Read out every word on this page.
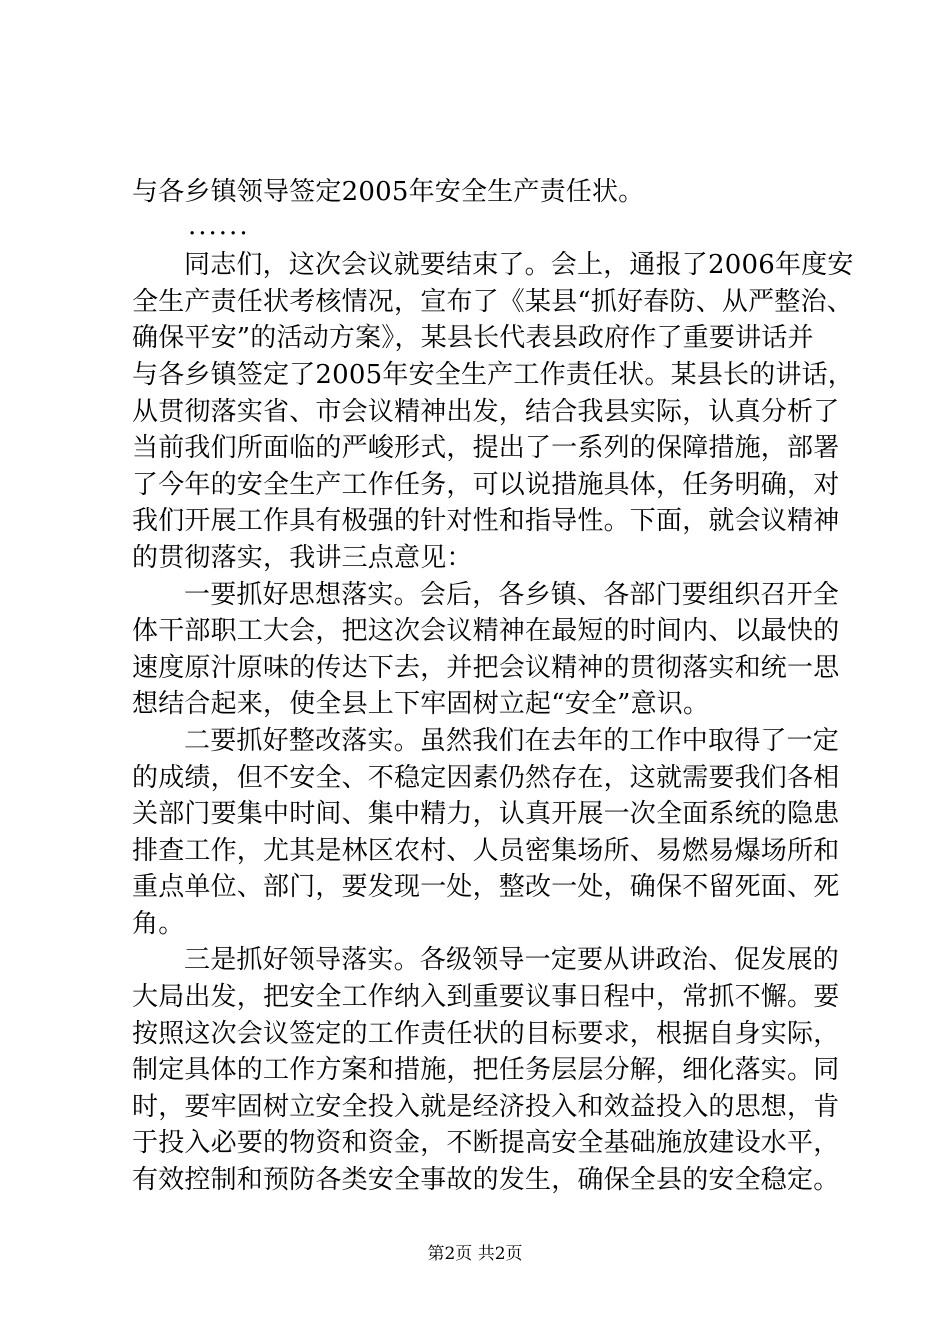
与各乡镇领导签定2005年安全生产责任状。
......
同志们，这次会议就要结束了。会上，通报了2006年度安
全生产责任状考核情况，宣布了《某县“抓好春防、从严整治、
确保平安”的活动方案》，某县长代表县政府作了重要讲话并
与各乡镇签定了2005年安全生产工作责任状。某县长的讲话，
从贯彻落实省、市会议精神出发，结合我县实际，认真分析了
当前我们所面临的严峻形式，提出了一系列的保障措施，部署
了今年的安全生产工作任务，可以说措施具体，任务明确，对
我们开展工作具有极强的针对性和指导性。下面，就会议精神
的贯彻落实，我讲三点意见：
一要抓好思想落实。会后，各乡镇、各部门要组织召开全
体干部职工大会，把这次会议精神在最短的时间内、以最快的
速度原汁原味的传达下去，并把会议精神的贯彻落实和统一思
想结合起来，使全县上下牢固树立起“安全”意识。
二要抓好整改落实。虽然我们在去年的工作中取得了一定
的成绩，但不安全、不稳定因素仍然存在，这就需要我们各相
关部门要集中时间、集中精力，认真开展一次全面系统的隐患
排查工作，尤其是林区农村、人员密集场所、易燃易爆场所和
重点单位、部门，要发现一处，整改一处，确保不留死面、死
角。
三是抓好领导落实。各级领导一定要从讲政治、促发展的
大局出发，把安全工作纳入到重要议事日程中，常抓不懈。要
按照这次会议签定的工作责任状的目标要求，根据自身实际，
制定具体的工作方案和措施，把任务层层分解，细化落实。同
时，要牢固树立安全投入就是经济投入和效益投入的思想，肯
于投入必要的物资和资金，不断提高安全基础施放建设水平，
有效控制和预防各类安全事故的发生，确保全县的安全稳定。
第2页 共2页
